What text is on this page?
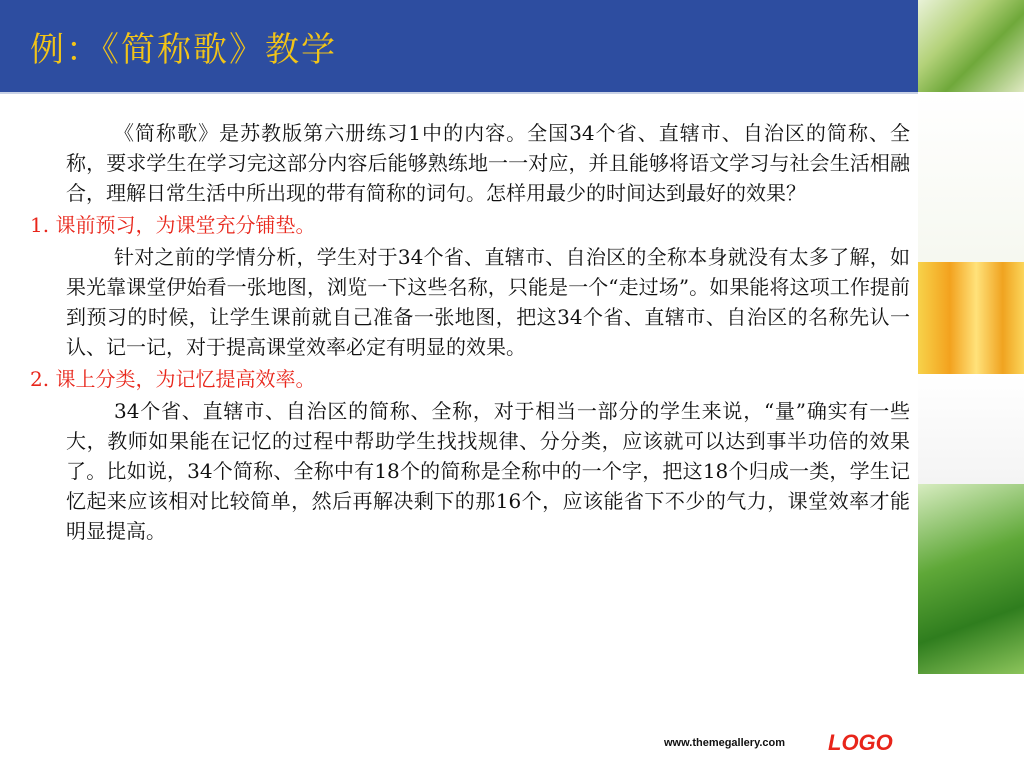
例：《简称歌》教学

《简称歌》是苏教版第六册练习1中的内容。全国34个省、直辖市、自治区的简称、全称，要求学生在学习完这部分内容后能够熟练地一一对应，并且能够将语文学习与社会生活相融合，理解日常生活中所出现的带有简称的词句。怎样用最少的时间达到最好的效果？

1. 课前预习，为课堂充分铺垫。

针对之前的学情分析，学生对于34个省、直辖市、自治区的全称本身就没有太多了解，如果光靠课堂伊始看一张地图，浏览一下这些名称，只能是一个“走过场”。如果能将这项工作提前到预习的时候，让学生课前就自己准备一张地图，把这34个省、直辖市、自治区的名称先认一认、记一记，对于提高课堂效率必定有明显的效果。

2. 课上分类，为记忆提高效率。

34个省、直辖市、自治区的简称、全称，对于相当一部分的学生来说，“量”确实有一些大，教师如果能在记忆的过程中帮助学生找找规律、分分类，应该就可以达到事半功倍的效果了。比如说，34个简称、全称中有18个的简称是全称中的一个字，把这18个归成一类，学生记忆起来应该相对比较简单，然后再解决剩下的那16个，应该能省下不少的气力，课堂效率才能明显提高。

www.themegallery.com LOGO
